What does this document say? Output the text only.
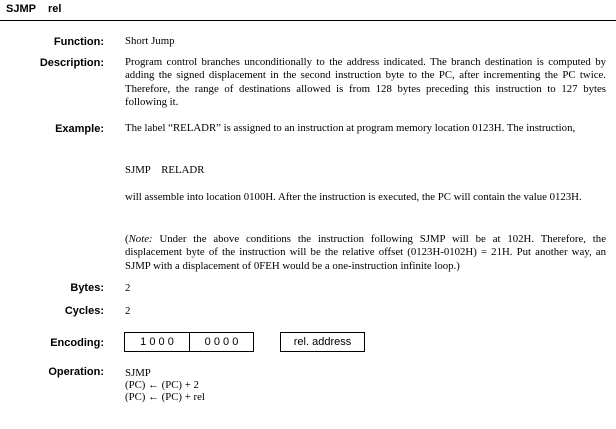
SJMP    rel
Function: Short Jump
Description: Program control branches unconditionally to the address indicated. The branch destination is computed by adding the signed displacement in the second instruction byte to the PC, after incrementing the PC twice. Therefore, the range of destinations allowed is from 128 bytes preceding this instruction to 127 bytes following it.
Example: The label “RELADR” is assigned to an instruction at program memory location 0123H. The instruction,
SJMP    RELADR
will assemble into location 0100H. After the instruction is executed, the PC will contain the value 0123H.
(Note: Under the above conditions the instruction following SJMP will be at 102H. Therefore, the displacement byte of the instruction will be the relative offset (0123H-0102H) = 21H. Put another way, an SJMP with a displacement of 0FEH would be a one-instruction infinite loop.)
Bytes: 2
Cycles: 2
Encoding:	1 0 0 0	0 0 0 0	rel. address
Operation: SJMP
(PC) ← (PC) + 2
(PC) ← (PC) + rel
